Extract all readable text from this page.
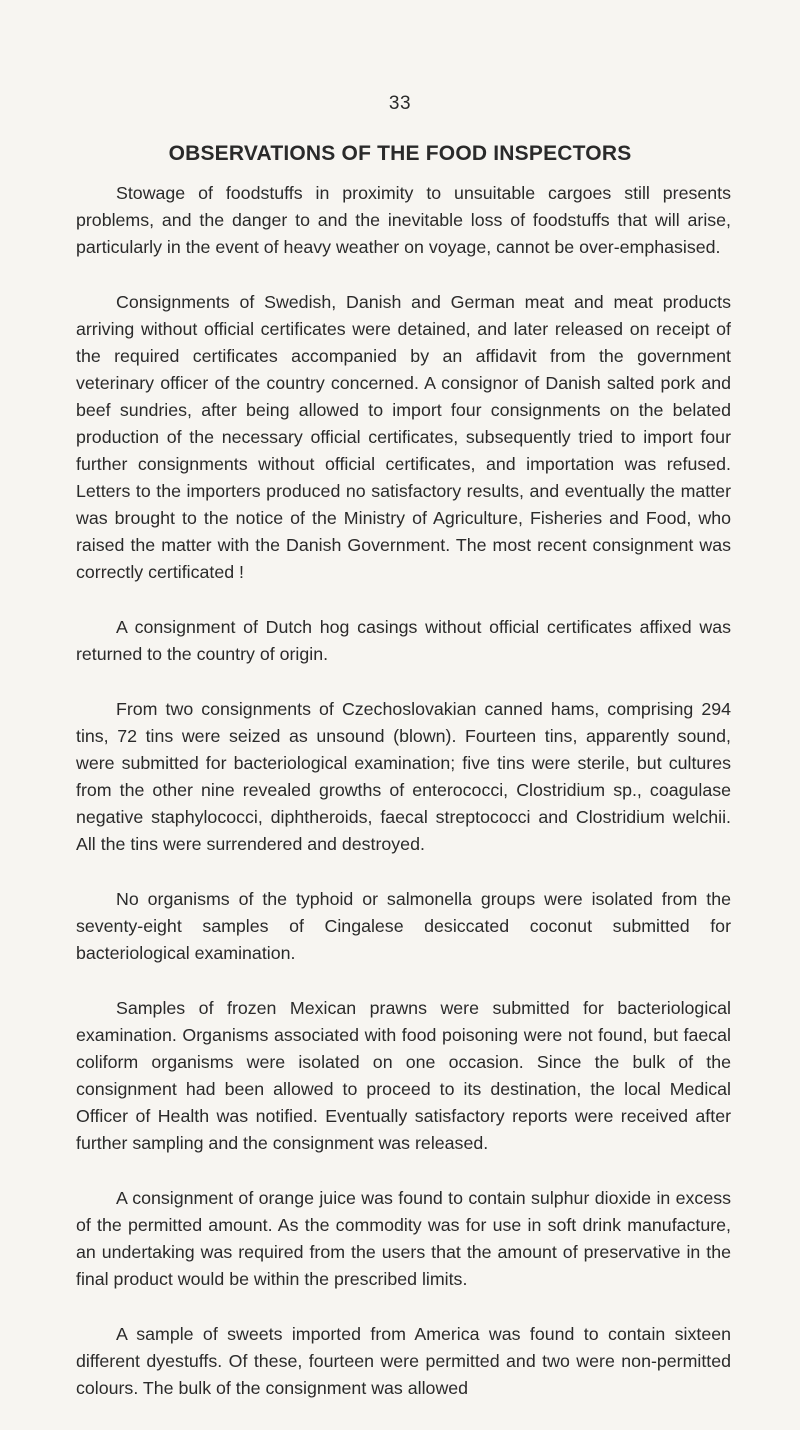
33
OBSERVATIONS OF THE FOOD INSPECTORS

Stowage of foodstuffs in proximity to unsuitable cargoes still presents problems, and the danger to and the inevitable loss of foodstuffs that will arise, particularly in the event of heavy weather on voyage, cannot be over-emphasised.

Consignments of Swedish, Danish and German meat and meat products arriving without official certificates were detained, and later released on receipt of the required certificates accompanied by an affidavit from the government veterinary officer of the country concerned. A consignor of Danish salted pork and beef sundries, after being allowed to import four consignments on the belated production of the necessary official certificates, subsequently tried to import four further consignments without official certificates, and importation was refused. Letters to the importers produced no satisfactory results, and eventually the matter was brought to the notice of the Ministry of Agriculture, Fisheries and Food, who raised the matter with the Danish Government. The most recent consignment was correctly certificated !

A consignment of Dutch hog casings without official certificates affixed was returned to the country of origin.

From two consignments of Czechoslovakian canned hams, comprising 294 tins, 72 tins were seized as unsound (blown). Fourteen tins, apparently sound, were submitted for bacteriological examination; five tins were sterile, but cultures from the other nine revealed growths of enterococci, Clostridium sp., coagulase negative staphylococci, diphtheroids, faecal streptococci and Clostridium welchii. All the tins were surrendered and destroyed.

No organisms of the typhoid or salmonella groups were isolated from the seventy-eight samples of Cingalese desiccated coconut submitted for bacteriological examination.

Samples of frozen Mexican prawns were submitted for bacteriological examination. Organisms associated with food poisoning were not found, but faecal coliform organisms were isolated on one occasion. Since the bulk of the consignment had been allowed to proceed to its destination, the local Medical Officer of Health was notified. Eventually satisfactory reports were received after further sampling and the consignment was released.

A consignment of orange juice was found to contain sulphur dioxide in excess of the permitted amount. As the commodity was for use in soft drink manufacture, an undertaking was required from the users that the amount of preservative in the final product would be within the prescribed limits.

A sample of sweets imported from America was found to contain sixteen different dyestuffs. Of these, fourteen were permitted and two were non-permitted colours. The bulk of the consignment was allowed
